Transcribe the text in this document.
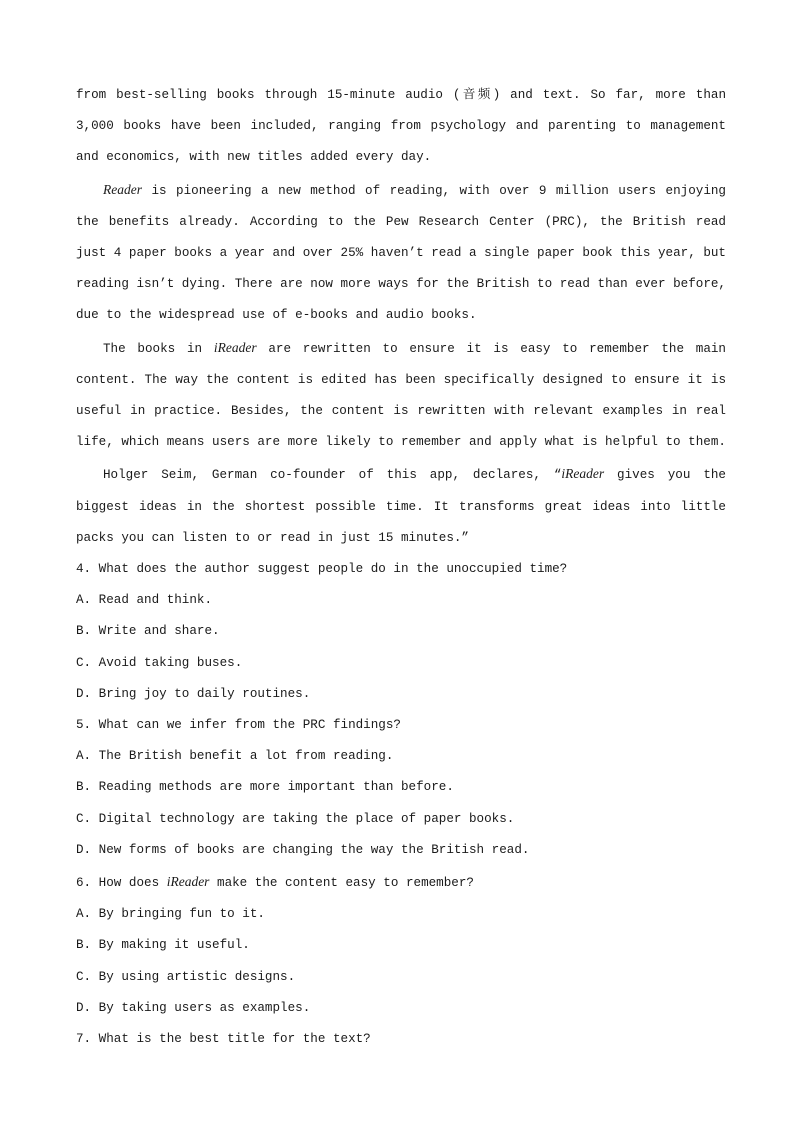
from best-selling books through 15-minute audio (音频) and text. So far, more than 3,000 books have been included, ranging from psychology and parenting to management and economics, with new titles added every day.

Reader is pioneering a new method of reading, with over 9 million users enjoying the benefits already. According to the Pew Research Center (PRC), the British read just 4 paper books a year and over 25% haven’t read a single paper book this year, but reading isn’t dying. There are now more ways for the British to read than ever before, due to the widespread use of e-books and audio books.

The books in iReader are rewritten to ensure it is easy to remember the main content. The way the content is edited has been specifically designed to ensure it is useful in practice. Besides, the content is rewritten with relevant examples in real life, which means users are more likely to remember and apply what is helpful to them.

Holger Seim, German co-founder of this app, declares, “iReader gives you the biggest ideas in the shortest possible time. It transforms great ideas into little packs you can listen to or read in just 15 minutes.”

4. What does the author suggest people do in the unoccupied time?

A. Read and think.

B. Write and share.

C. Avoid taking buses.

D. Bring joy to daily routines.

5. What can we infer from the PRC findings?

A. The British benefit a lot from reading.

B. Reading methods are more important than before.

C. Digital technology are taking the place of paper books.

D. New forms of books are changing the way the British read.

6. How does iReader make the content easy to remember?

A. By bringing fun to it.

B. By making it useful.

C. By using artistic designs.

D. By taking users as examples.

7. What is the best title for the text?
